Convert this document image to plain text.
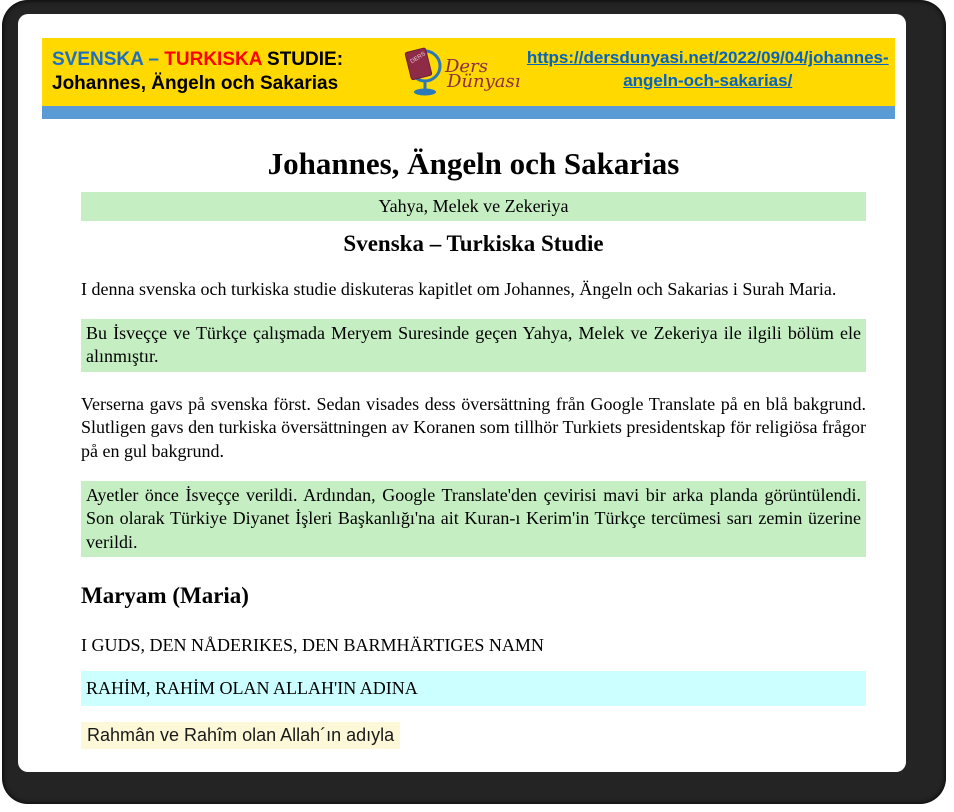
SVENSKA – TURKISKA STUDIE:
Johannes, Ängeln och Sakarias
DERS Ders
Dünyası
https://dersdunyasi.net/2022/09/04/johannes-
angeln-och-sakarias/
Johannes, Ängeln och Sakarias
Yahya, Melek ve Zekeriya
Svenska – Turkiska Studie

I denna svenska och turkiska studie diskuteras kapitlet om Johannes, Ängeln och Sakarias i Surah Maria.

Bu İsveççe ve Türkçe çalışmada Meryem Suresinde geçen Yahya, Melek ve Zekeriya ile ilgili bölüm ele alınmıştır.

Verserna gavs på svenska först. Sedan visades dess översättning från Google Translate på en blå bakgrund. Slutligen gavs den turkiska översättningen av Koranen som tillhör Turkiets presidentskap för religiösa frågor på en gul bakgrund.

Ayetler önce İsveççe verildi. Ardından, Google Translate'den çevirisi mavi bir arka planda görüntülendi. Son olarak Türkiye Diyanet İşleri Başkanlığı'na ait Kuran-ı Kerim'in Türkçe tercümesi sarı zemin üzerine verildi.

Maryam (Maria)

I GUDS, DEN NÅDERIKES, DEN BARMHÄRTIGES NAMN

RAHİM, RAHİM OLAN ALLAH'IN ADINA
Rahmân ve Rahîm olan Allah´ın adıyla
